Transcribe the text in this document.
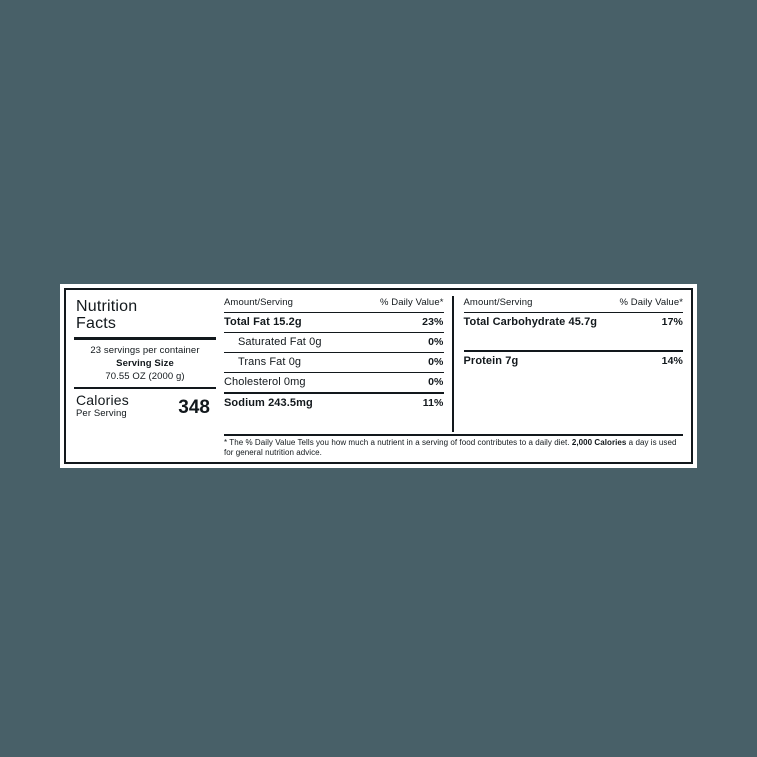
Nutrition
Facts
23 servings per container
Serving Size
70.55 OZ (2000 g)
Calories
Per Serving	348
Amount/Serving	% Daily Value*
Total Fat 15.2g	23%
Saturated Fat 0g	0%
Trans Fat 0g	0%
Cholesterol 0mg	0%
Sodium 243.5mg	11%
Amount/Serving	% Daily Value*
Total Carbohydrate 45.7g	17%
Protein 7g	14%
* The % Daily Value Tells you how much a nutrient in a serving of food contributes to a daily diet. 2,000 Calories a day is used for general nutrition advice.
